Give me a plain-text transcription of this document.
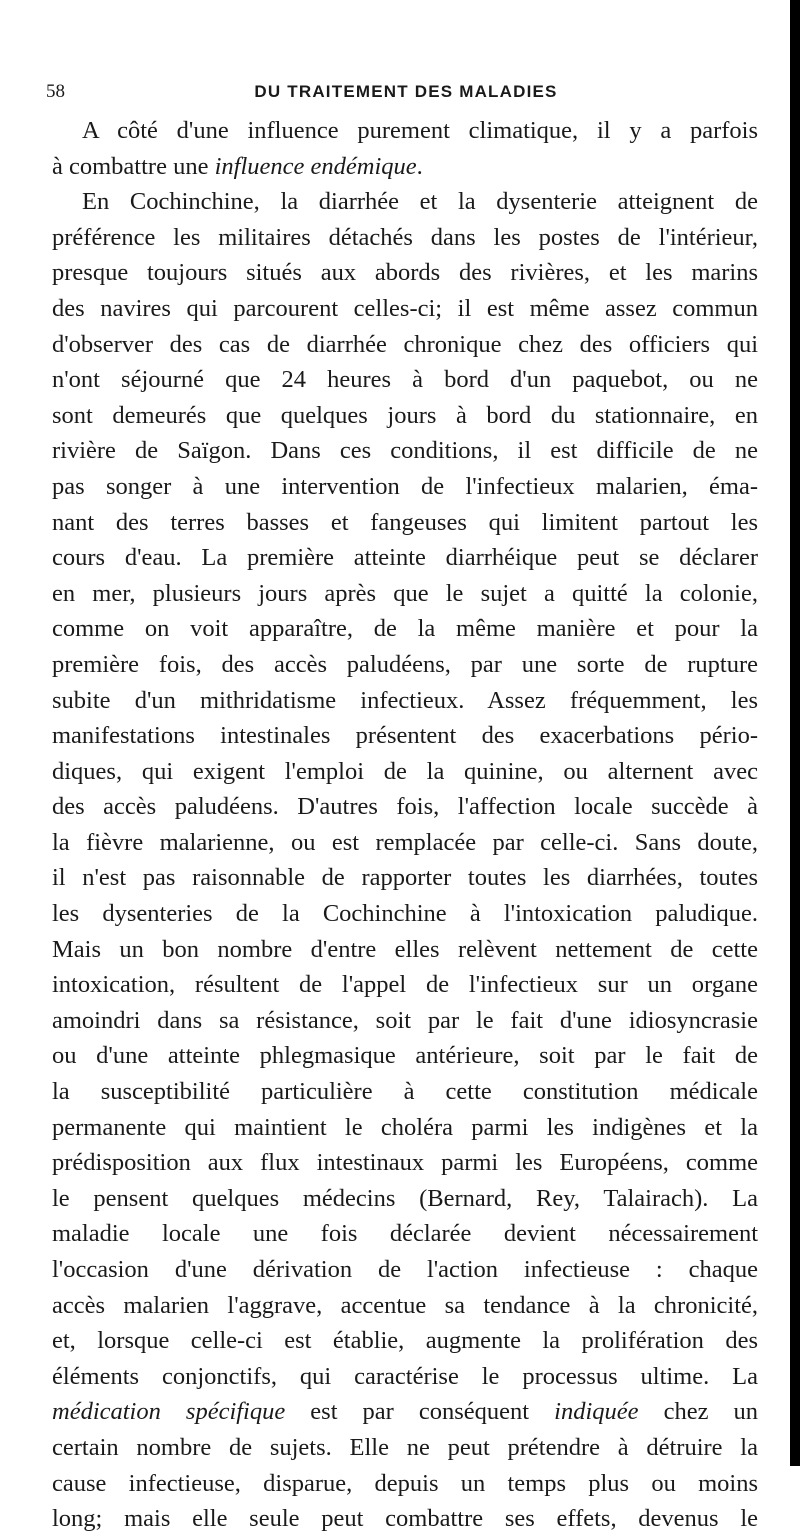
58	DU TRAITEMENT DES MALADIES
A côté d'une influence purement climatique, il y a parfois
à combattre une influence endémique.
En Cochinchine, la diarrhée et la dysenterie atteignent de
préférence les militaires détachés dans les postes de l'intérieur,
presque toujours situés aux abords des rivières, et les marins
des navires qui parcourent celles-ci; il est même assez commun
d'observer des cas de diarrhée chronique chez des officiers qui
n'ont séjourné que 24 heures à bord d'un paquebot, ou ne
sont demeurés que quelques jours à bord du stationnaire, en
rivière de Saïgon. Dans ces conditions, il est difficile de ne
pas songer à une intervention de l'infectieux malarien, éma-
nant des terres basses et fangeuses qui limitent partout les
cours d'eau. La première atteinte diarrhéique peut se déclarer
en mer, plusieurs jours après que le sujet a quitté la colonie,
comme on voit apparaître, de la même manière et pour la
première fois, des accès paludéens, par une sorte de rupture
subite d'un mithridatisme infectieux. Assez fréquemment, les
manifestations intestinales présentent des exacerbations pério-
diques, qui exigent l'emploi de la quinine, ou alternent avec
des accès paludéens. D'autres fois, l'affection locale succède à
la fièvre malarienne, ou est remplacée par celle-ci. Sans doute,
il n'est pas raisonnable de rapporter toutes les diarrhées, toutes
les dysenteries de la Cochinchine à l'intoxication paludique.
Mais un bon nombre d'entre elles relèvent nettement de cette
intoxication, résultent de l'appel de l'infectieux sur un organe
amoindri dans sa résistance, soit par le fait d'une idiosyncrasie
ou d'une atteinte phlegmasique antérieure, soit par le fait de
la susceptibilité particulière à cette constitution médicale
permanente qui maintient le choléra parmi les indigènes et la
prédisposition aux flux intestinaux parmi les Européens, comme
le pensent quelques médecins (Bernard, Rey, Talairach). La
maladie locale une fois déclarée devient nécessairement
l'occasion d'une dérivation de l'action infectieuse : chaque
accès malarien l'aggrave, accentue sa tendance à la chronicité,
et, lorsque celle-ci est établie, augmente la prolifération des
éléments conjonctifs, qui caractérise le processus ultime. La
médication spécifique est par conséquent indiquée chez un
certain nombre de sujets. Elle ne peut prétendre à détruire la
cause infectieuse, disparue, depuis un temps plus ou moins
long; mais elle seule peut combattre ses effets, devenus le
